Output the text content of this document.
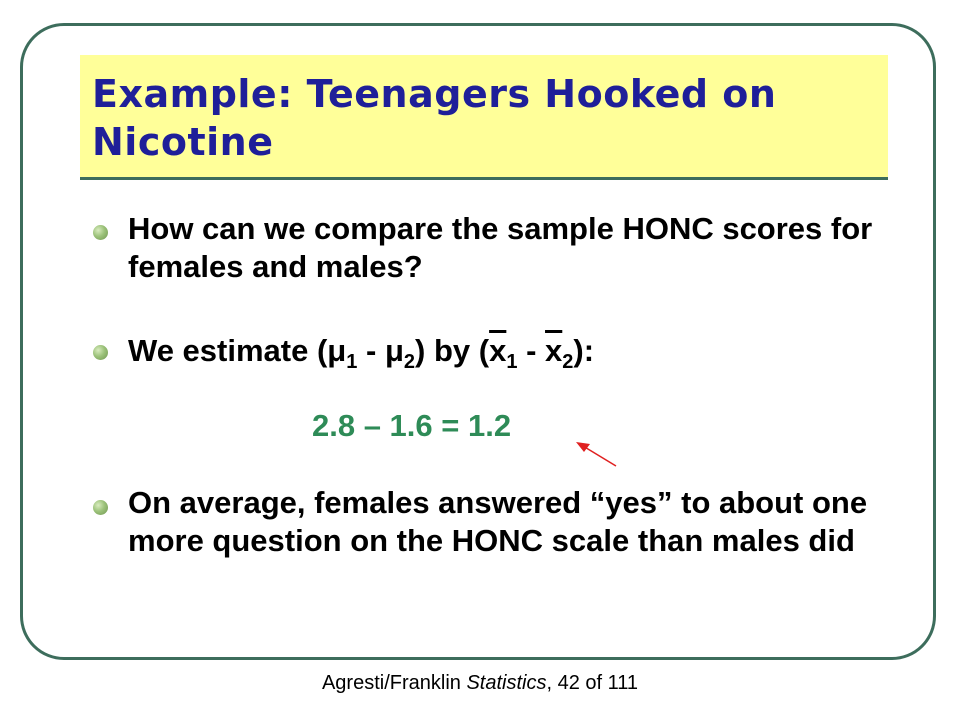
Example: Teenagers Hooked on Nicotine
How can we compare the sample HONC scores for females and males?
We estimate $(\mu_1 - \mu_2)$ by $(\overline{x}_1 - \overline{x}_2)$:
2.8 – 1.6 = 1.2
On average, females answered “yes” to about one more question on the HONC scale than males did
Agresti/Franklin Statistics, 42 of 111
